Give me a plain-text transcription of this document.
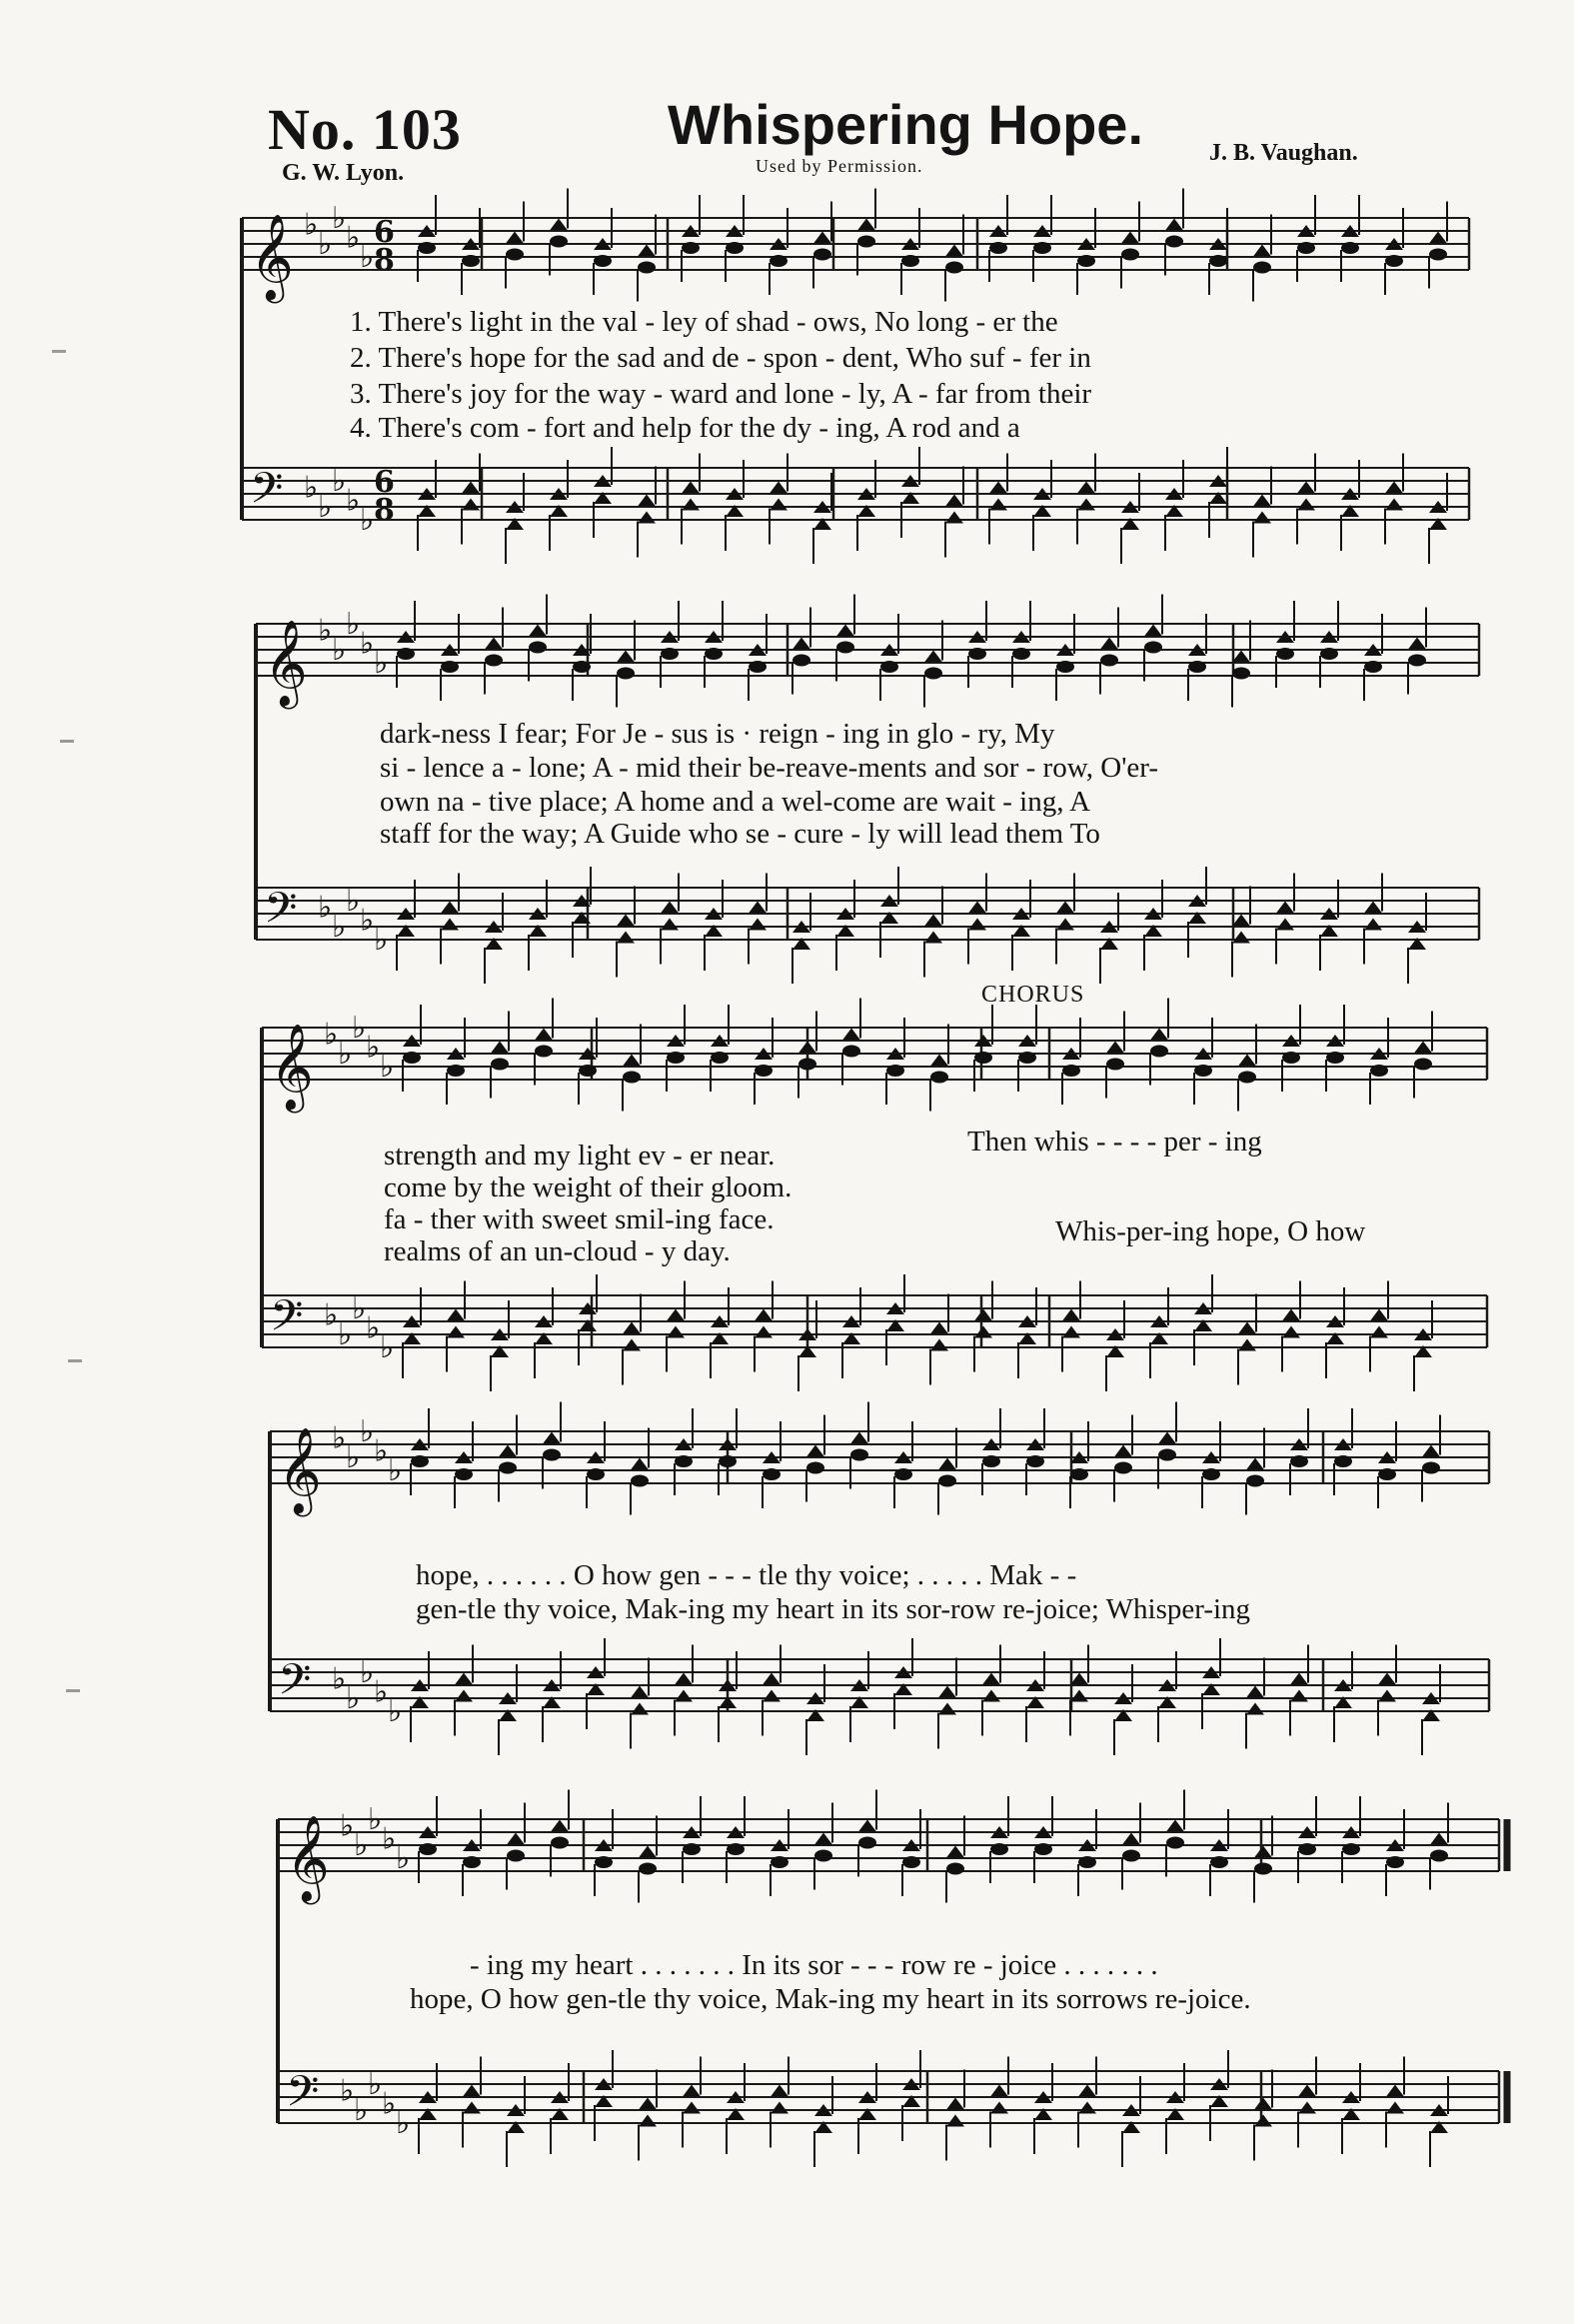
No. 103	Whispering Hope.
Used by Permission.
G. W. Lyon.
J. B. Vaughan.
𝄞
𝄢
♭
♭
♭
♭
♭
♭
♭
♭
♭
♭
6
8
6
8
𝄞
𝄢
♭
♭
♭
♭
♭
♭
♭
♭
♭
♭
𝄞
𝄢
♭
♭
♭
♭
♭
♭
♭
♭
♭
♭
𝄞
𝄢
♭
♭
♭
♭
♭
♭
♭
♭
♭
♭
𝄞
𝄢
♭
♭
♭
♭
♭
♭
♭
♭
♭
♭
1. There's light in the val - ley of shad - ows, No long - er the
2. There's hope for the sad and de - spon - dent, Who suf - fer in
3. There's joy for the way - ward and lone - ly, A - far from their
4. There's com - fort and help for the dy - ing, A rod and a
dark-ness I fear; For Je - sus is · reign - ing in glo - ry, My
si - lence a - lone; A - mid their be-reave-ments and sor - row, O'er-
own na - tive place; A home and a wel-come are wait - ing, A
staff for the way; A Guide who se - cure - ly will lead them To
CHORUS
strength and my light ev - er near.
come by the weight of their gloom.
fa - ther with sweet smil-ing face.
realms of an un-cloud - y day.
Then whis - - - - per - ing
Whis-per-ing hope, O how
hope, . . . . . . O how gen - - - tle thy voice; . . . . . Mak - -
gen-tle thy voice, Mak-ing my heart in its sor-row re-joice; Whisper-ing
- ing my heart . . . . . . . In its sor - - - row re - joice . . . . . . .
hope, O how gen-tle thy voice, Mak-ing my heart in its sorrows re-joice.
